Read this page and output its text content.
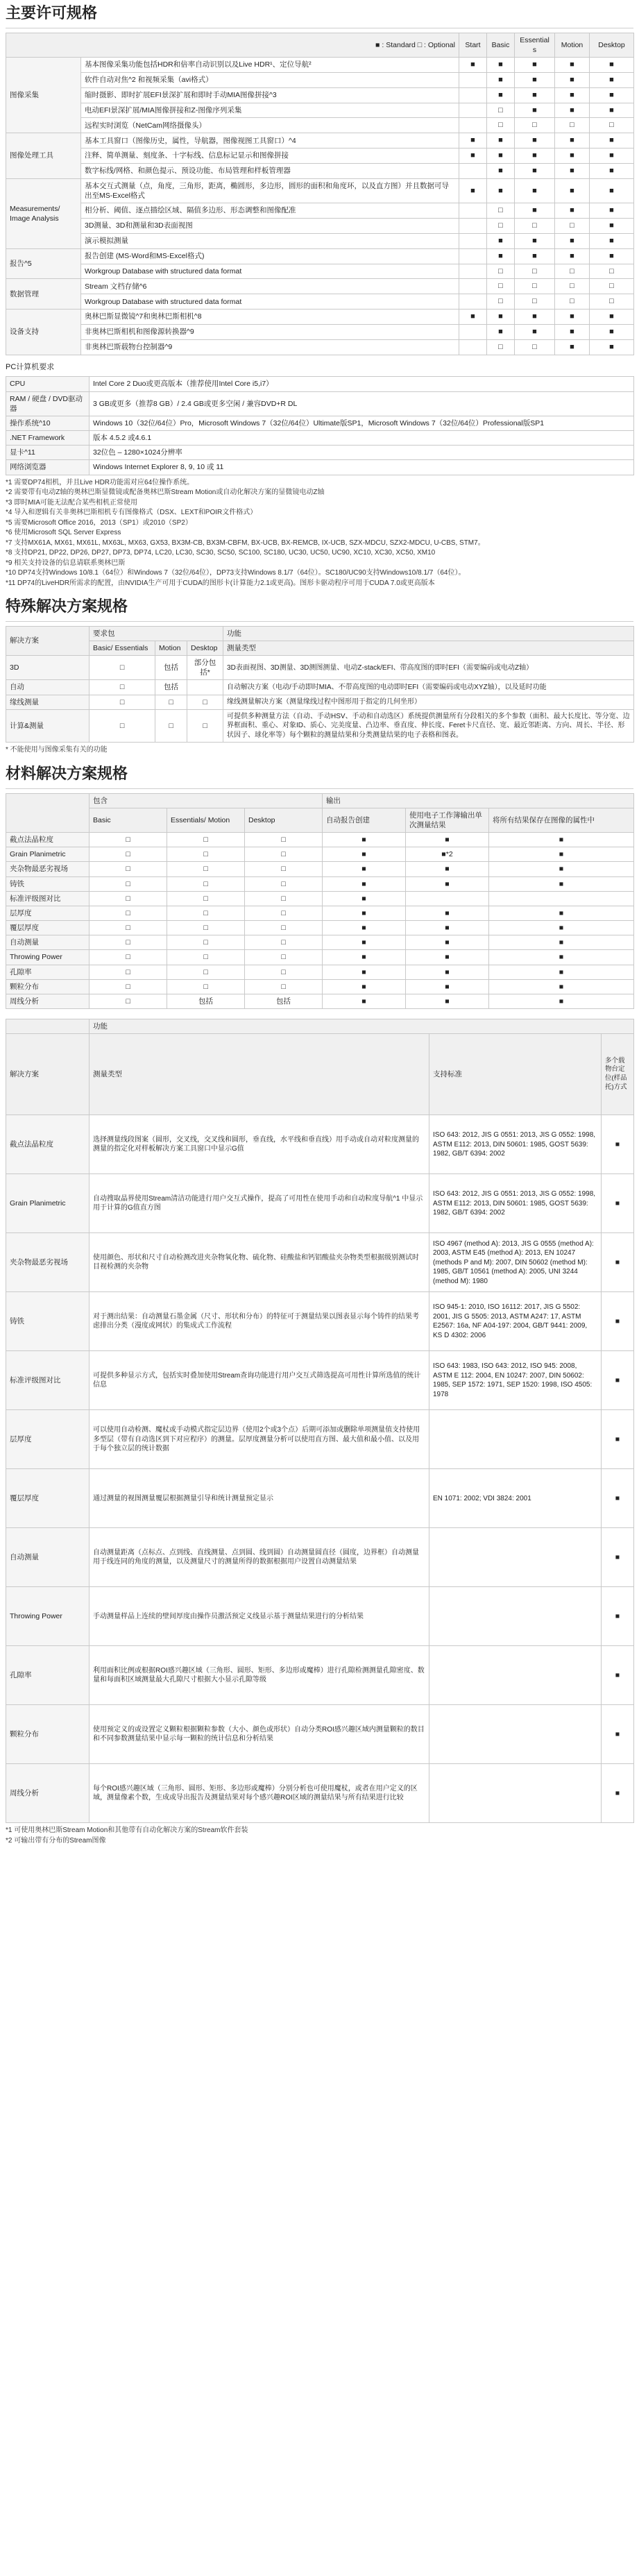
主要许可规格
■ : Standard □ : Optional		Start	Basic	Essentials	Motion	Desktop
图像采集	基本图像采集功能包括HDR和倍率自动识别以及Live HDR¹、定位导航²	■	■	■	■	■
	软件自动对焦^2 和视频采集（avi格式）		■	■	■	■
	缩时摄影、即时扩展EFI景深扩展和即时手动MIA图像拼接^3		■	■	■	■
	电动EFI景深扩展/MIA图像拼接和Z-图像序列采集		□	■	■	■
	远程实时浏览（NetCam网络摄像头）		□	□	□	□
图像处理工具	基本工具窗口（图像历史，属性，导航器，图像视图工具窗口）^4	■	■	■	■	■
	注释、简单测量、刻度条、十字标线、信息标记显示和图像拼接	■	■	■	■	■
	数字标线/网格、和颜色提示、预设功能、布局管理和样板管理器		■	■	■	■
Measurements/ Image Analysis	基本交互式测量（点，角度，三角形，距离，椭圆形，多边形，圆形的面积和角度环，以及直方图）并且数据可导出至MS-Excel格式	■	■	■	■	■
	相分析、阈值、逐点描绘区域、隔值多边形、形态调整和图像配准		□	■	■	■
	3D测量、3D和测量和3D表面视图		□	□	□	■
	演示模拟测量		■	■	■	■
报告^5	报告创建 (MS-Word和MS-Excel格式)		■	■	■	■
	Workgroup Database with structured data format		□	□	□	□
数据管理	Stream 文档存储^6		□	□	□	□
	Workgroup Database with structured data format		□	□	□	□
设备支持	奥林巴斯显微镜^7和奥林巴斯相机^8	■	■	■	■	■
	非奥林巴斯相机和图像源转换器^9		■	■	■	■
	非奥林巴斯载物台控制器^9		□	□	■	■
PC计算机要求
CPU	Intel Core 2 Duo或更高版本（推荐使用Intel Core i5,i7）
RAM / 硬盘 / DVD驱动器	3 GB或更多（推荐8 GB）/ 2.4 GB或更多空闲 / 兼容DVD+R DL
操作系统^10	Windows 10（32位/64位）Pro，Microsoft Windows 7（32位/64位）Ultimate版SP1，Microsoft Windows 7（32位/64位）Professional版SP1
.NET Framework	版本 4.5.2 或4.6.1
显卡^11	32位色 – 1280×1024分辨率
网络浏览器	Windows Internet Explorer 8, 9, 10 或 11
*1 需要DP74相机，并且Live HDR功能需对应64位操作系统。
*2 需要带有电动Z轴的奥林巴斯显微镜或配备奥林巴斯Stream Motion或自动化解决方案的显微镜电动Z轴
*3 即时MIA可能无法配合某些相机正常使用
*4 导入和逻辑有关非奥林巴斯相机专有图像格式（DSX、LEXT和POIR文件格式）
*5 需要Microsoft Office 2016，2013（SP1）或2010（SP2）
*6 使用Microsoft SQL Server Express
*7 支持MX61A, MX61, MX61L, MX63L, MX63, GX53, BX3M-CB, BX3M-CBFM, BX-UCB, BX-REMCB, IX-UCB, SZX-MDCU, SZX2-MDCU, U-CBS, STM7。
*8 支持DP21, DP22, DP26, DP27, DP73, DP74, LC20, LC30, SC30, SC50, SC100, SC180, UC30, UC50, UC90, XC10, XC30, XC50, XM10
*9 相关支持设备的信息请联系奥林巴斯
*10 DP74支持Windows 10/8.1（64位）和Windows 7（32位/64位），DP73支持Windows 8.1/7（64位）。SC180/UC90支持Windows10/8.1/7（64位）。
*11 DP74的LiveHDR所需求的配置，由NVIDIA生产可用于CUDA的图形卡(计算能力2.1或更高)。图形卡驱动程序可用于CUDA 7.0或更高版本
特殊解决方案规格
解决方案	要求包			功能
	Basic/ Essentials	Motion	Desktop	测量类型
3D	□	包括	部分包括*	3D表面视图、3D测量、3D测图测量、电动Z-stack/EFI、带高度图的即时EFI（需要编码或电动Z轴）
自动	□	包括		自动解决方案（电动/手动即时MIA、不带高度图的电动即时EFI（需要编码或电动XYZ轴），以及延时功能
缘线测量	□	□	□	缘线测量解决方案（测量缘线过程中图形用于指定的几何坐形）
计算&测量	□	□	□	可提供多种测量方法（自动、手动HSV、手动和自动选区）系统提供测量所有分段相关的多个参数（面积、最大长度比、等分宽、边界框面积、重心、对象ID、质心、完美度量、凸边率、垂直度、伸长度、Feret卡尺直径、宽、最近邻距离、方向、周长、半径、形状因子、球化率等）每个颗粒的测量结果和分类测量结果的电子表格和图表。
* 不能使用与图像采集有关的功能
材料解决方案规格
	包含			输出		
	Basic	Essentials/ Motion	Desktop	自动报告创建	使用电子工作簿输出单次测量结果	将所有结果保存在图像的属性中
截点法晶粒度	□	□	□	■	■	■
Grain Planimetric	□	□	□	■	■*2	■
夹杂物最恶劣视场	□	□	□	■	■	■
铸铁	□	□	□	■	■	■
标准评级图对比	□	□	□	■		
层厚度	□	□	□	■	■	■
覆层厚度	□	□	□	■	■	■
自动测量	□	□	□	■	■	■
Throwing Power	□	□	□	■	■	■
孔隙率	□	□	□	■	■	■
颗粒分布	□	□	□	■	■	■
周线分析	□	包括	包括	■	■	■
	功能		
解决方案	测量类型	支持标准	多个载物台定位(样品托)方式
截点法晶粒度	选择测量线段图案（圆形，交叉线，交叉线和圆形，垂直线，水平线和垂直线）用手动或自动对粒度测量的测量的指定化对样板解决方案工具窗口中显示G值	ISO 643: 2012, JIS G 0551: 2013, JIS G 0552: 1998, ASTM E112: 2013, DIN 50601: 1985, GOST 5639: 1982, GB/T 6394: 2002	■
Grain Planimetric	自动搜取晶界使用Stream清洁功能进行用户交互式操作，提高了可用性在使用手动和自动粒度导航^1 中显示用于计算的G值直方图	ISO 643: 2012, JIS G 0551: 2013, JIS G 0552: 1998, ASTM E112: 2013, DIN 50601: 1985, GOST 5639: 1982, GB/T 6394: 2002	■
夹杂物最恶劣视场	使用颜色、形状和尺寸自动检测改进夹杂物氧化物、硫化物、硅酸盐和钙铝酸盐夹杂物类型根据级别测试时目视检测的夹杂物	ISO 4967 (method A): 2013, JIS G 0555 (method A): 2003, ASTM E45 (method A): 2013, EN 10247 (methods P and M): 2007, DIN 50602 (method M): 1985, GB/T 10561 (method A): 2005, UNI 3244 (method M): 1980	■
铸铁	对于测出结果：自动测量石墨金属（尺寸、形状和分布）的特征可于测量结果以图表显示每个铸件的结果考虑排出分类（漫度或网状）的集成式工作流程	ISO 945-1: 2010, ISO 16112: 2017, JIS G 5502: 2001, JIS G 5505: 2013, ASTM A247: 17, ASTM E2567: 16a, NF A04-197: 2004, GB/T 9441: 2009, KS D 4302: 2006	■
标准评级图对比	可提供多种显示方式，包括实时叠加使用Stream查询功能进行用户交互式筛选提高可用性计算所选值的统计信息	ISO 643: 1983, ISO 643: 2012, ISO 945: 2008, ASTM E 112: 2004, EN 10247: 2007, DIN 50602: 1985, SEP 1572: 1971, SEP 1520: 1998, ISO 4505: 1978	■
层厚度	可以使用自动检测、魔杖或手动模式指定层边界（使用2个或3个点）后期可添加或删除单项测量值支持使用多型层（带有自动选区到下对应程序）的测量。层厚度测量分析可以使用直方图、最大值和最小值、以及用于每个独立层的统计数据		■
覆层厚度	通过测量的视图测量覆层根据测量引导和统计测量预定显示	EN 1071: 2002; VDI 3824: 2001	■
自动测量	自动测量距离（点标点、点到线、直线测量、点到圆、线到圆）自动测量圆直径（圆度，边界框）自动测量用于线连同的角度的测量，以及测量尺寸的测量所得的数据根据用户设置自动测量结果		■
Throwing Power	手动测量样品上连续的壁间厚度由操作员激活预定义线显示基于测量结果进行的分析结果		■
孔隙率	利用面积比例或根据ROI感兴趣区域（三角形、圆形、矩形、多边形或魔棒）进行孔隙检测测量孔隙密度、数量和每面积区域测量最大孔隙尺寸根据大小显示孔隙等级		■
颗粒分布	使用预定义的或设置定义颗粒根据颗粒参数（大小、颜色或形状）自动分类ROI感兴趣区域内测量颗粒的数目和不同参数测量结果中显示每一颗粒的统计信息和分析结果		■
周线分析	每个ROI感兴趣区域（三角形、圆形、矩形、多边形或魔棒）分别分析也可使用魔杖，或者在用户定义的区域，测量像素个数，生成或导出报告及测量结果对每个感兴趣ROI区域的测量结果与所有结果进行比较		■
*1 可使用奥林巴斯Stream Motion和其他带有自动化解决方案的Stream软件套装
*2 可输出带有分布的Stream图像
